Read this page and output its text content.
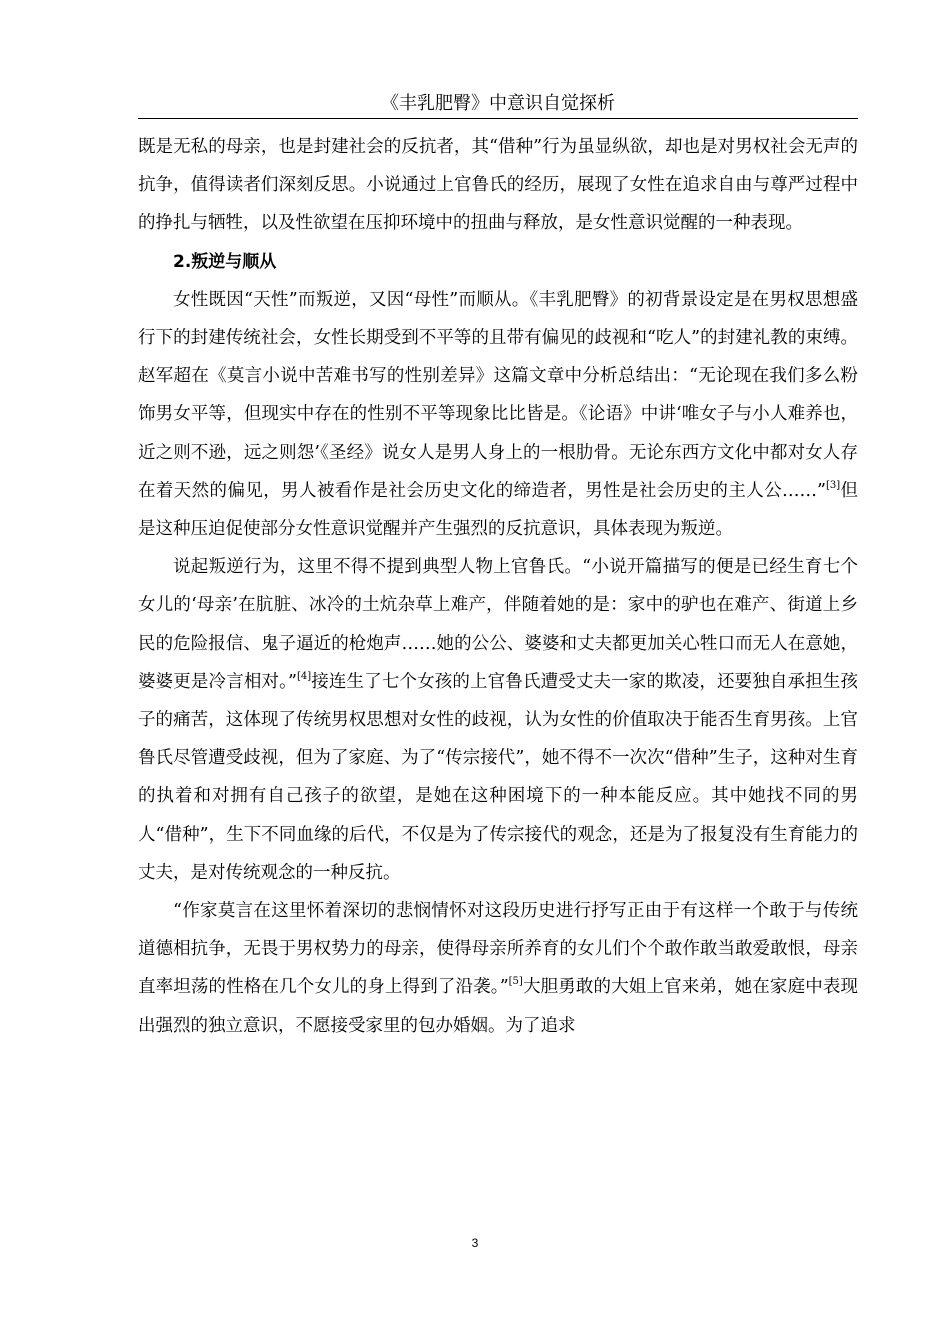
《丰乳肥臀》中意识自觉探析

既是无私的母亲，也是封建社会的反抗者，其“借种”行为虽显纵欲，却也是对男权社会无声的抗争，值得读者们深刻反思。小说通过上官鲁氏的经历，展现了女性在追求自由与尊严过程中的挣扎与牺牲，以及性欲望在压抑环境中的扭曲与释放，是女性意识觉醒的一种表现。

2.叛逆与顺从

女性既因“天性”而叛逆，又因“母性”而顺从。《丰乳肥臀》的初背景设定是在男权思想盛行下的封建传统社会，女性长期受到不平等的且带有偏见的歧视和“吃人”的封建礼教的束缚。赵军超在《莫言小说中苦难书写的性别差异》这篇文章中分析总结出：“无论现在我们多么粉饰男女平等，但现实中存在的性别不平等现象比比皆是。《论语》中讲‘唯女子与小人难养也，近之则不逊，远之则怨’《圣经》说女人是男人身上的一根肋骨。无论东西方文化中都对女人存在着天然的偏见，男人被看作是社会历史文化的缔造者，男性是社会历史的主人公……”[3]但是这种压迫促使部分女性意识觉醒并产生强烈的反抗意识，具体表现为叛逆。

说起叛逆行为，这里不得不提到典型人物上官鲁氏。“小说开篇描写的便是已经生育七个女儿的‘母亲’在肮脏、冰冷的土炕杂草上难产，伴随着她的是：家中的驴也在难产、街道上乡民的危险报信、鬼子逼近的枪炮声……她的公公、婆婆和丈夫都更加关心牲口而无人在意她，婆婆更是冷言相对。”[4]接连生了七个女孩的上官鲁氏遭受丈夫一家的欺凌，还要独自承担生孩子的痛苦，这体现了传统男权思想对女性的歧视，认为女性的价值取决于能否生育男孩。上官鲁氏尽管遭受歧视，但为了家庭、为了“传宗接代”，她不得不一次次“借种”生子，这种对生育的执着和对拥有自己孩子的欲望，是她在这种困境下的一种本能反应。其中她找不同的男人“借种”，生下不同血缘的后代，不仅是为了传宗接代的观念，还是为了报复没有生育能力的丈夫，是对传统观念的一种反抗。

“作家莫言在这里怀着深切的悲悯情怀对这段历史进行抒写正由于有这样一个敢于与传统道德相抗争，无畏于男权势力的母亲，使得母亲所养育的女儿们个个敢作敢当敢爱敢恨，母亲直率坦荡的性格在几个女儿的身上得到了沿袭。”[5]大胆勇敢的大姐上官来弟，她在家庭中表现出强烈的独立意识，不愿接受家里的包办婚姻。为了追求

3
